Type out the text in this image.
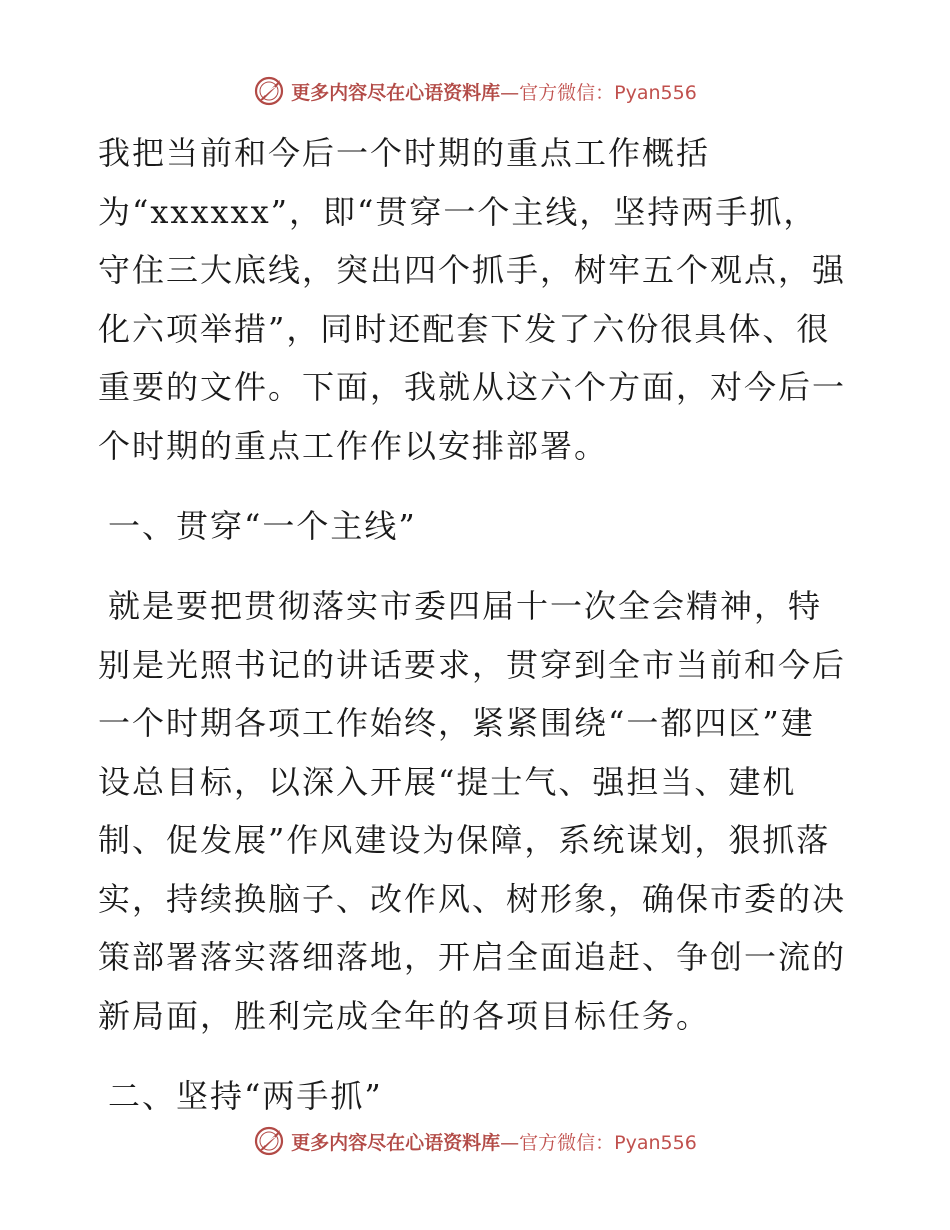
更多内容尽在心语资料库—官方微信：Pyan556
我把当前和今后一个时期的重点工作概括
为“xxxxxx”，即“贯穿一个主线，坚持两手抓，
守住三大底线，突出四个抓手，树牢五个观点，强
化六项举措”，同时还配套下发了六份很具体、很
重要的文件。下面，我就从这六个方面，对今后一
个时期的重点工作作以安排部署。
一、贯穿“一个主线”
就是要把贯彻落实市委四届十一次全会精神，特
别是光照书记的讲话要求，贯穿到全市当前和今后
一个时期各项工作始终，紧紧围绕“一都四区”建
设总目标，以深入开展“提士气、强担当、建机
制、促发展”作风建设为保障，系统谋划，狠抓落
实，持续换脑子、改作风、树形象，确保市委的决
策部署落实落细落地，开启全面追赶、争创一流的
新局面，胜利完成全年的各项目标任务。
二、坚持“两手抓”
更多内容尽在心语资料库—官方微信：Pyan556
